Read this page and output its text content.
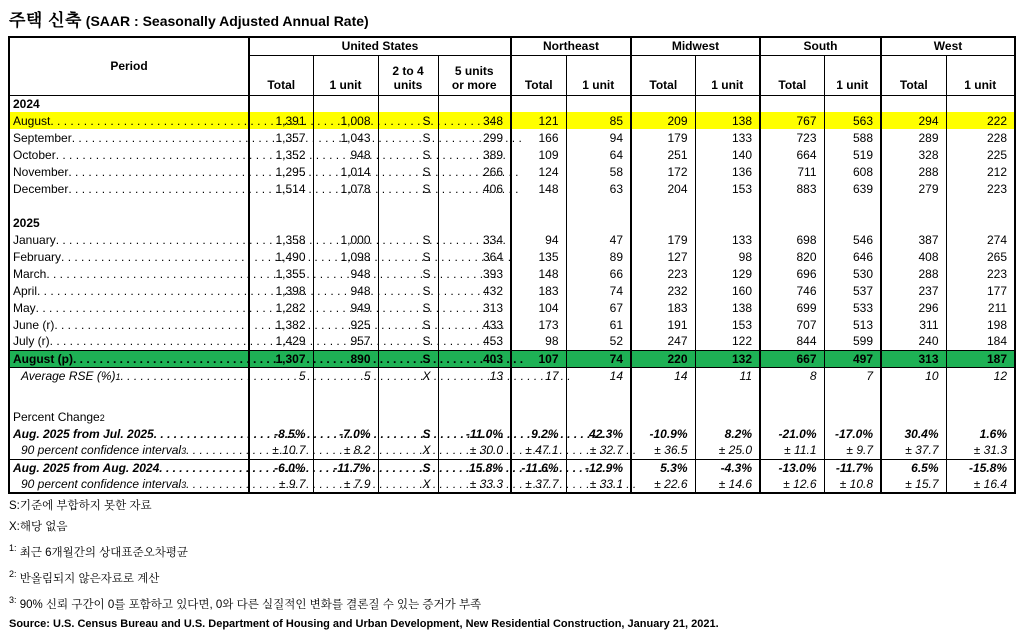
주택 신축 (SAAR : Seasonally Adjusted Annual Rate)
Period	United States				Northeast		Midwest		South		West	
	Total	1 unit	2 to 4
units	5 units
or more	Total	1 unit	Total	1 unit	Total	1 unit	Total	1 unit

2024												

August
. . .	1,391	1,008	S	348	121	85	209	138	767	563	294	222

September
. . .	1,357	1,043	S	299	166	94	179	133	723	588	289	228

October
. . .	1,352	948	S	389	109	64	251	140	664	519	328	225

November
. . .	1,295	1,014	S	266	124	58	172	136	711	608	288	212

December
. . .	1,514	1,078	S	406	148	63	204	153	883	639	279	223

2025												

January
. . .	1,358	1,000	S	334	94	47	179	133	698	546	387	274

February
. . .	1,490	1,098	S	364	135	89	127	98	820	646	408	265

March
. . .	1,355	948	S	393	148	66	223	129	696	530	288	223

April
. . .	1,398	948	S	432	183	74	232	160	746	537	237	177

May
. . .	1,282	949	S	313	104	67	183	138	699	533	296	211

June (r)
. . .	1,382	925	S	433	173	61	191	153	707	513	311	198

July (r)
. . .	1,429	957	S	453	98	52	247	122	844	599	240	184

August (p)
. . .	1,307	890	S	403	107	74	220	132	667	497	313	187

Average RSE (%) 1
. . .	5	5	X	13	17	14	14	11	8	7	10	12

Percent Change 2												

Aug. 2025 from Jul. 2025
. . .	-8.5%	-7.0%	S	-11.0%	9.2%	42.3%	-10.9%	8.2%	-21.0%	-17.0%	30.4%	1.6%

90 percent confidence interval 3
. . .	± 10.7	± 8.2	X	± 30.0	± 47.1	± 32.7	± 36.5	± 25.0	± 11.1	± 9.7	± 37.7	± 31.3

Aug. 2025 from Aug. 2024
. . .	-6.0%	-11.7%	S	15.8%	-11.6%	-12.9%	5.3%	-4.3%	-13.0%	-11.7%	6.5%	-15.8%

90 percent confidence interval 3
. . .	± 9.7	± 7.9	X	± 33.3	± 37.7	± 33.1	± 22.6	± 14.6	± 12.6	± 10.8	± 15.7	± 16.4
S:기준에 부합하지 못한 자료
X:해당 없음
$^{1:}$ 최근 6개월간의 상대표준오차평균
$^{2:}$ 반올림되지 않은자료로 계산
$^{3:}$ 90% 신뢰 구간이 0를 포함하고 있다면, 0와 다른 실질적인 변화를 결론질 수 있는 증거가 부족
Source: U.S. Census Bureau and U.S. Department of Housing and Urban Development, New Residential Construction, January 21, 2021.
